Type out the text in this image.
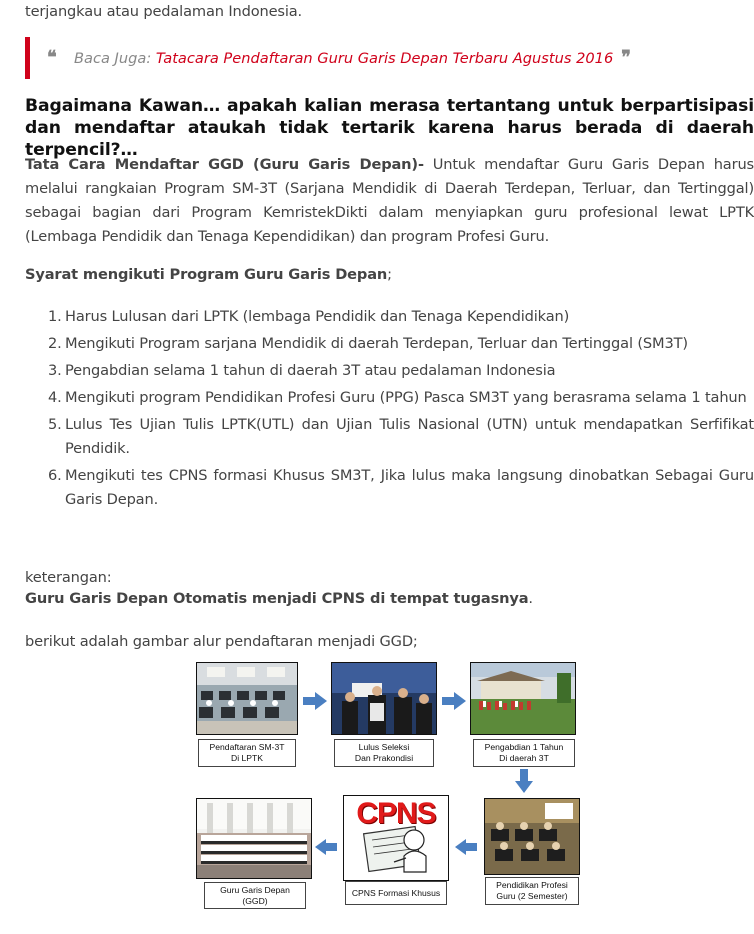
terjangkau atau pedalaman Indonesia.
❝ Baca Juga: Tatacara Pendaftaran Guru Garis Depan Terbaru Agustus 2016 ❞
Bagaimana Kawan… apakah kalian merasa tertantang untuk berpartisipasi dan mendaftar ataukah tidak tertarik karena harus berada di daerah terpencil?…
Tata Cara Mendaftar GGD (Guru Garis Depan)- Untuk mendaftar Guru Garis Depan harus melalui rangkaian Program SM-3T (Sarjana Mendidik di Daerah Terdepan, Terluar, dan Tertinggal) sebagai bagian dari Program KemristekDikti dalam menyiapkan guru profesional lewat LPTK (Lembaga Pendidik dan Tenaga Kependidikan) dan program Profesi Guru.
Syarat mengikuti Program Guru Garis Depan;
1. Harus Lulusan dari LPTK (lembaga Pendidik dan Tenaga Kependidikan)
2. Mengikuti Program sarjana Mendidik di daerah Terdepan, Terluar dan Tertinggal (SM3T)
3. Pengabdian selama 1 tahun di daerah 3T atau pedalaman Indonesia
4. Mengikuti program Pendidikan Profesi Guru (PPG) Pasca SM3T yang berasrama selama 1 tahun
5. Lulus Tes Ujian Tulis LPTK(UTL) dan Ujian Tulis Nasional (UTN) untuk mendapatkan Serfifikat Pendidik.
6. Mengikuti tes CPNS formasi Khusus SM3T, Jika lulus maka langsung dinobatkan Sebagai Guru Garis Depan.
keterangan:
Guru Garis Depan Otomatis menjadi CPNS di tempat tugasnya.
berikut adalah gambar alur pendaftaran menjadi GGD;
Pendaftaran SM-3T
Di LPTK
Lulus Seleksi
Dan Prakondisi
Pengabdian 1 Tahun
Di daerah 3T
Pendidikan Profesi
Guru (2 Semester)
CPNS
CPNS Formasi Khusus
Guru Garis Depan
(GGD)
